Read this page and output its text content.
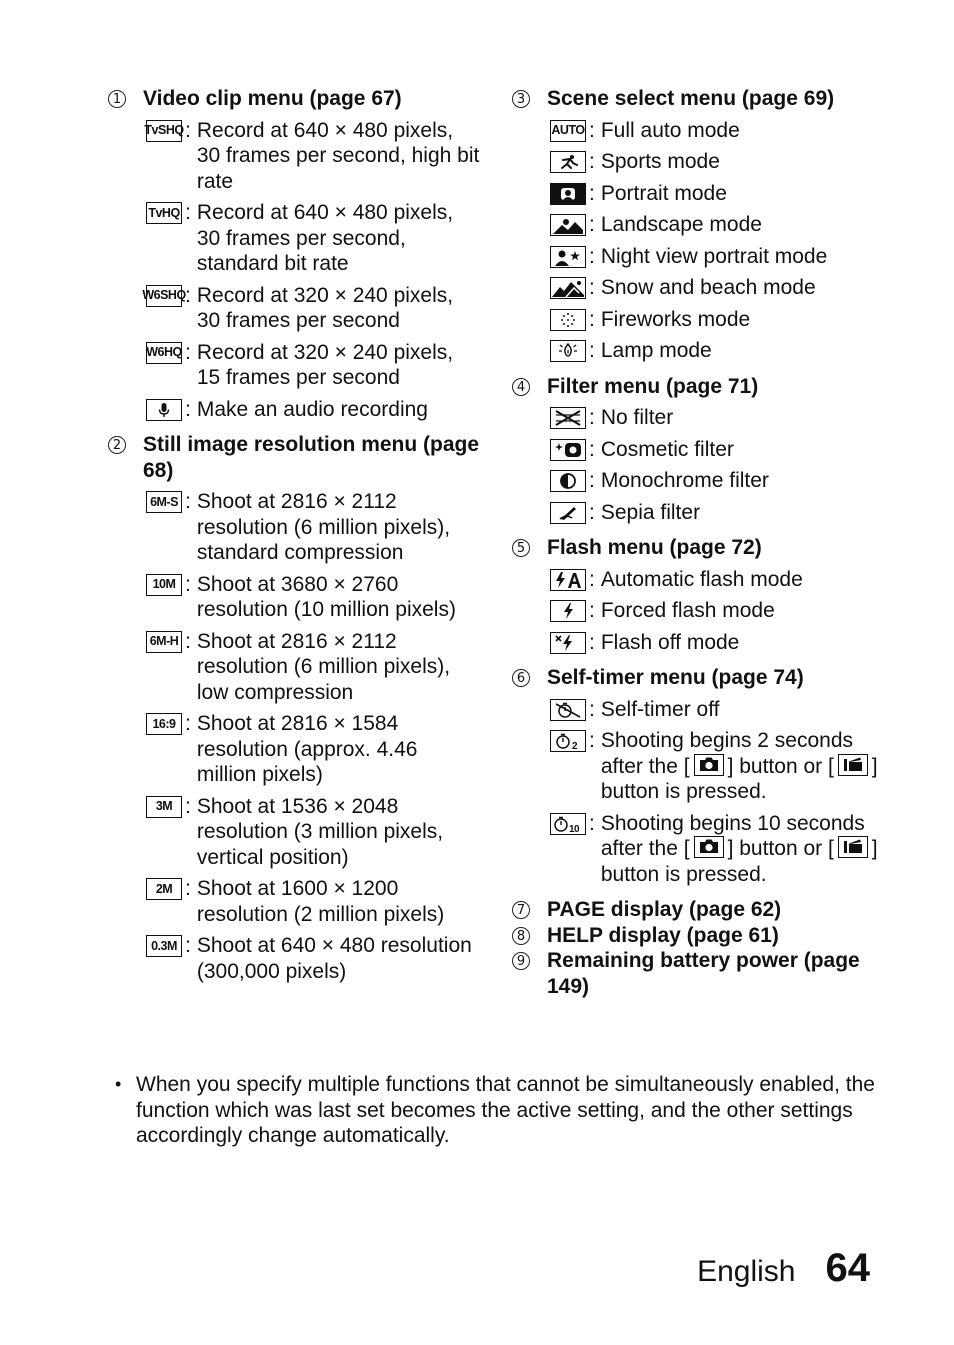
1 Video clip menu (page 67)
TvSHQ : Record at 640 × 480 pixels, 30 frames per second, high bit rate
TvHQ : Record at 640 × 480 pixels, 30 frames per second, standard bit rate
W6SHQ : Record at 320 × 240 pixels, 30 frames per second
W6HQ : Record at 320 × 240 pixels, 15 frames per second
: Make an audio recording
2 Still image resolution menu (page 68)
6M-S : Shoot at 2816 × 2112 resolution (6 million pixels), standard compression
10M : Shoot at 3680 × 2760 resolution (10 million pixels)
6M-H : Shoot at 2816 × 2112 resolution (6 million pixels), low compression
16:9 : Shoot at 2816 × 1584 resolution (approx. 4.46 million pixels)
3M : Shoot at 1536 × 2048 resolution (3 million pixels, vertical position)
2M : Shoot at 1600 × 1200 resolution (2 million pixels)
0.3M : Shoot at 640 × 480 resolution (300,000 pixels)
3 Scene select menu (page 69)
AUTO : Full auto mode
: Sports mode
: Portrait mode
: Landscape mode
: Night view portrait mode
: Snow and beach mode
: Fireworks mode
: Lamp mode
4 Filter menu (page 71)
: No filter
: Cosmetic filter
: Monochrome filter
: Sepia filter
5 Flash menu (page 72)
: Automatic flash mode
: Forced flash mode
: Flash off mode
6 Self-timer menu (page 74)
: Self-timer off
2 : Shooting begins 2 seconds after the [ ] button or [ ] button is pressed.
10 : Shooting begins 10 seconds after the [ ] button or [ ] button is pressed.
7 PAGE display (page 62)
8 HELP display (page 61)
9 Remaining battery power (page 149)
• When you specify multiple functions that cannot be simultaneously enabled, the function which was last set becomes the active setting, and the other settings accordingly change automatically.
English 64
